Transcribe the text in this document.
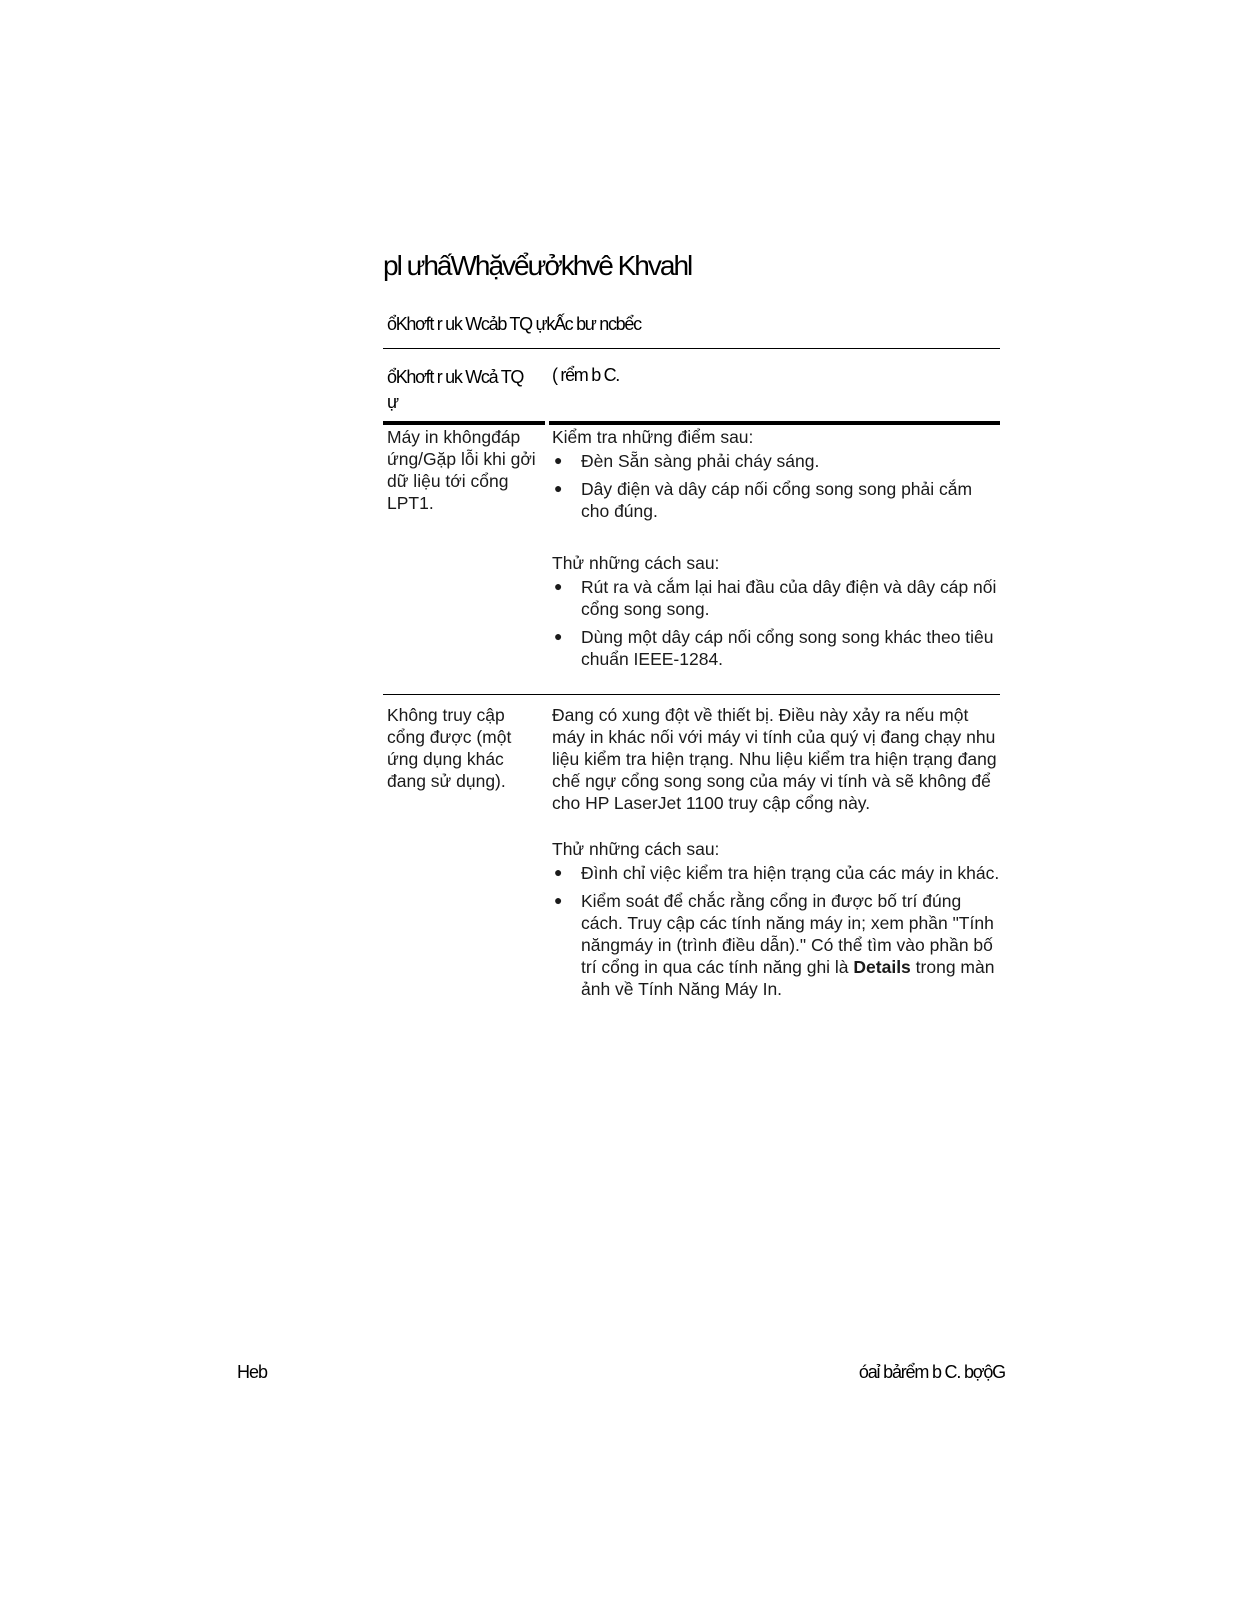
pl ưhấWhặvểưởkhvê Khvahl
ổKhơft r uk Wcảb TQ ựkẤc bư ncbểc
ổKhơft r uk Wcả TQ ự
( rểm b C.
Máy in khôngđáp ứng/Gặp lỗi khi gởi dữ liệu tới cổng LPT1.

Kiểm tra những điểm sau:

● Đèn Sẵn sàng phải cháy sáng.
● Dây điện và dây cáp nối cổng song song phải cắm cho đúng.

Thử những cách sau:

● Rút ra và cắm lại hai đầu của dây điện và dây cáp nối cổng song song.
● Dùng một dây cáp nối cổng song song khác theo tiêu chuẩn IEEE-1284.
Không truy cập cổng được (một ứng dụng khác đang sử dụng).

Đang có xung đột về thiết bị. Điều này xảy ra nếu một máy in khác nối với máy vi tính của quý vị đang chạy nhu liệu kiểm tra hiện trạng. Nhu liệu kiểm tra hiện trạng đang chế ngự cổng song song của máy vi tính và sẽ không để cho HP LaserJet 1100 truy cập cổng này.

Thử những cách sau:

● Đình chỉ việc kiểm tra hiện trạng của các máy in khác.
● Kiểm soát để chắc rằng cổng in được bố trí đúng cách. Truy cập các tính năng máy in; xem phần "Tính năngmáy in (trình điều dẫn)." Có thể tìm vào phần bố trí cổng in qua các tính năng ghi là Details trong màn ảnh về Tính Năng Máy In.
Heb	óaỉ bảrểm b C. bợộG
